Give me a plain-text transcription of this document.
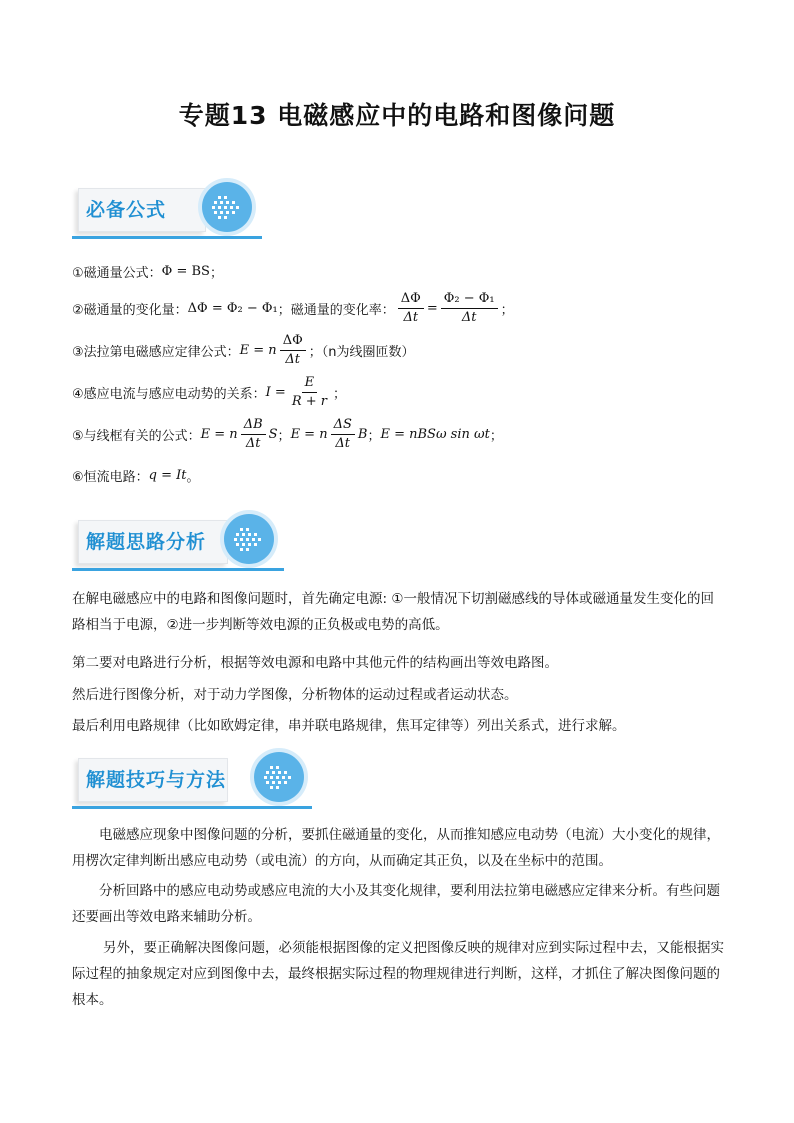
专题13 电磁感应中的电路和图像问题
必备公式
①磁通量公式： Φ = BS ；
②磁通量的变化量： ΔΦ = Φ₂ − Φ₁ ；磁通量的变化率： $\frac{\Delta\Phi}{\Delta t} = \frac{\text{Φ₂ − Φ₁}}{\Delta t}$ ；
③法拉第电磁感应定律公式： E = n $\frac{\Delta\Phi}{\Delta t}$ ；（n为线圈匝数）
④感应电流与感应电动势的关系： $I = \frac{E}{R + r}$ ；
⑤与线框有关的公式： E = n $\frac{\Delta B}{\Delta t}$ S ； E = n $\frac{\Delta S}{\Delta t}$ B ； E = nBSω sin ωt ；
⑥恒流电路： q = It 。
解题思路分析
在解电磁感应中的电路和图像问题时，首先确定电源: ①一般情况下切割磁感线的导体或磁通量发生变化的回路相当于电源，②进一步判断等效电源的正负极或电势的高低。
第二要对电路进行分析，根据等效电源和电路中其他元件的结构画出等效电路图。
然后进行图像分析，对于动力学图像，分析物体的运动过程或者运动状态。
最后利用电路规律（比如欧姆定律，串并联电路规律，焦耳定律等）列出关系式，进行求解。
解题技巧与方法
电磁感应现象中图像问题的分析，要抓住磁通量的变化，从而推知感应电动势（电流）大小变化的规律，用楞次定律判断出感应电动势（或电流）的方向，从而确定其正负，以及在坐标中的范围。
分析回路中的感应电动势或感应电流的大小及其变化规律，要利用法拉第电磁感应定律来分析。有些问题还要画出等效电路来辅助分析。
另外，要正确解决图像问题，必须能根据图像的定义把图像反映的规律对应到实际过程中去，又能根据实际过程的抽象规定对应到图像中去，最终根据实际过程的物理规律进行判断，这样，才抓住了解决图像问题的根本。
